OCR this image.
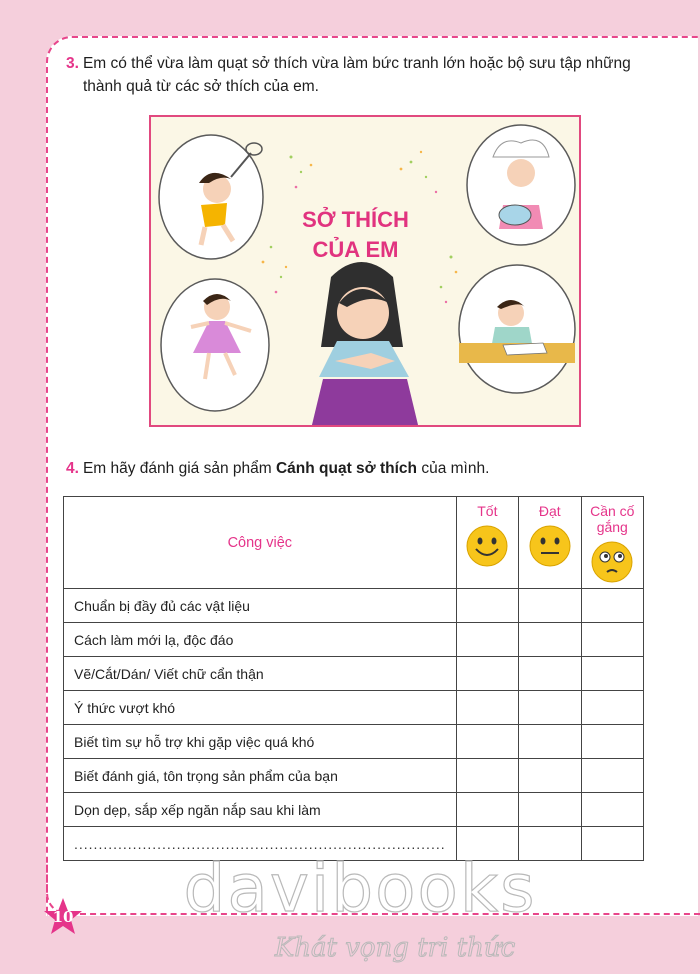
3. Em có thể vừa làm quạt sở thích vừa làm bức tranh lớn hoặc bộ sưu tập những
thành quả từ các sở thích của em.
SỞ THÍCH
CỦA EM
4. Em hãy đánh giá sản phẩm Cánh quạt sở thích của mình.
Công việc	Tốt	Đạt	Cần cố gắng

Chuẩn bị đầy đủ các vật liệu			
Cách làm mới lạ, độc đáo			
Vẽ/Cắt/Dán/ Viết chữ cẩn thận			
Ý thức vượt khó			
Biết tìm sự hỗ trợ khi gặp việc quá khó			
Biết đánh giá, tôn trọng sản phẩm của bạn			
Dọn dẹp, sắp xếp ngăn nắp sau khi làm			
............................................................................			
10	davibooks
Khát vọng tri thức
